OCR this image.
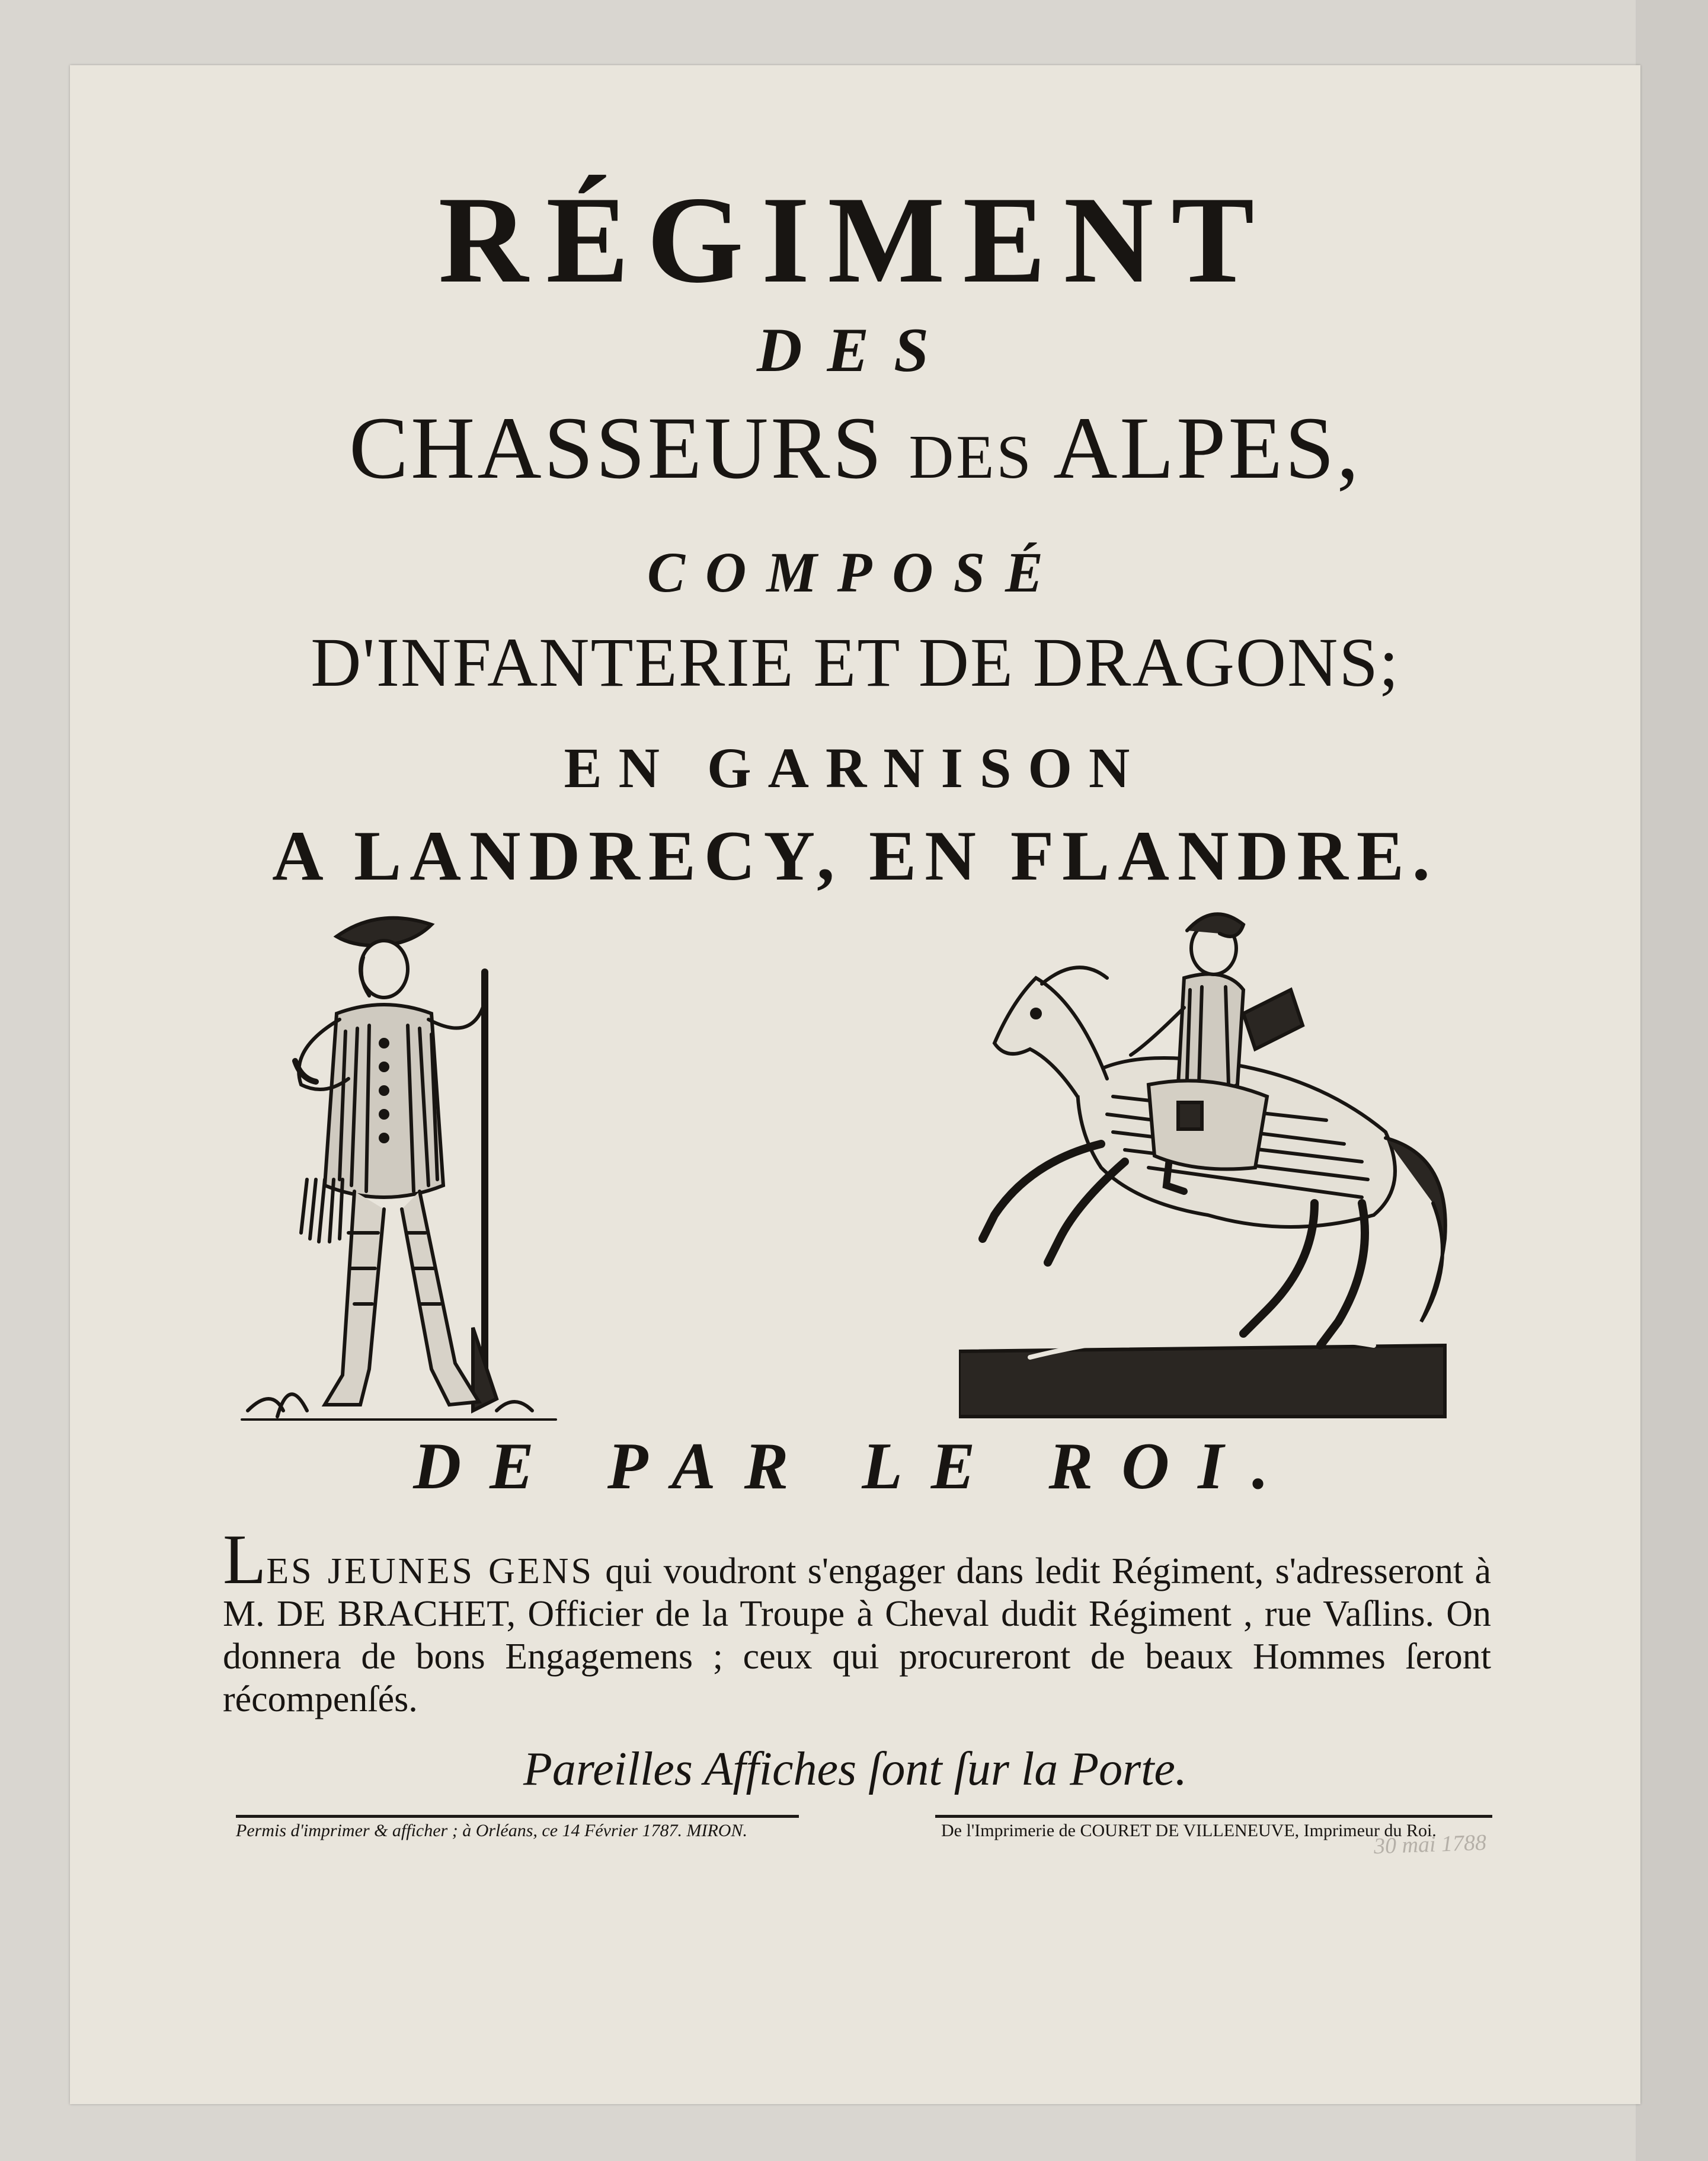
RÉGIMENT
DES
CHASSEURS DES ALPES,
COMPOSÉ
D'INFANTERIE ET DE DRAGONS;
EN GARNISON
A LANDRECY, EN FLANDRE.
DE PAR LE ROI.
LES JEUNES GENS qui voudront s'engager dans ledit Régiment, s'adresseront à M. DE BRACHET, Officier de la Troupe à Cheval dudit Régiment , rue Vaſlins. On donnera de bons Engagemens ; ceux qui procureront de beaux Hommes ſeront récompenſés.
Pareilles Affiches ſont ſur la Porte.
Permis d'imprimer & afficher ; à Orléans, ce 14 Février 1787. MIRON.	De l'Imprimerie de COURET DE VILLENEUVE, Imprimeur du Roi.
30 mai 1788
